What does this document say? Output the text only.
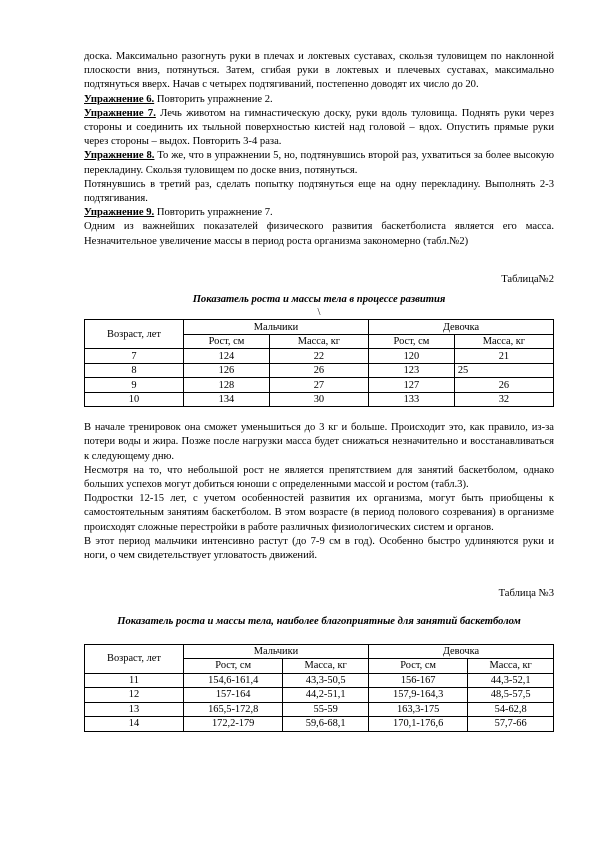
доска. Максимально разогнуть руки в плечах и локтевых суставах, скользя туловищем по наклонной плоскости вниз, потянуться. Затем, сгибая руки в локтевых и плечевых суставах, максимально подтянуться вверх. Начав с четырех подтягиваний, постепенно доводят их число до 20.

Упражнение 6. Повторить упражнение 2.

Упражнение 7. Лечь животом на гимнастическую доску, руки вдоль туловища. Поднять руки через стороны и соединить их тыльной поверхностью кистей над головой – вдох. Опустить прямые руки через стороны – выдох. Повторить 3-4 раза.

Упражнение 8. То же, что в упражнении 5, но, подтянувшись второй раз, ухватиться за более высокую перекладину. Скользя туловищем по доске вниз, потянуться.

Потянувшись в третий раз, сделать попытку подтянуться еще на одну перекладину. Выполнять 2-3 подтягивания.

Упражнение 9. Повторить упражнение 7.

Одним из важнейших показателей физического развития баскетболиста является его масса. Незначительное увеличение массы в период роста организма закономерно (табл.№2)

Таблица№2
Показатель роста и массы тела в процессе развития
\
Возраст, лет	Мальчики		Девочка	
	Рост, см	Масса, кг	Рост, см	Масса, кг
7	124	22	120	21
8	126	26	123	25
9	128	27	127	26
10	134	30	133	32

В начале тренировок она сможет уменьшиться до 3 кг и больше. Происходит это, как правило, из-за потери воды и жира. Позже после нагрузки масса будет снижаться незначительно и восстанавливаться к следующему дню.

Несмотря на то, что небольшой рост не является препятствием для занятий баскетболом, однако больших успехов могут добиться юноши с определенными массой и ростом (табл.3).

Подростки 12-15 лет, с учетом особенностей развития их организма, могут быть приобщены к самостоятельным занятиям баскетболом. В этом возрасте (в период полового созревания) в организме происходят сложные перестройки в работе различных физиологических систем и органов.

В этот период мальчики интенсивно растут (до 7-9 см в год). Особенно быстро удлиняются руки и ноги, о чем свидетельствует угловатость движений.

Таблица №3
Показатель роста и массы тела, наиболее благоприятные для занятий баскетболом
Возраст, лет	Мальчики		Девочка	
	Рост, см	Масса, кг	Рост, см	Масса, кг
11	154,6-161,4	43,3-50,5	156-167	44,3-52,1
12	157-164	44,2-51,1	157,9-164,3	48,5-57,5
13	165,5-172,8	55-59	163,3-175	54-62,8
14	172,2-179	59,6-68,1	170,1-176,6	57,7-66
